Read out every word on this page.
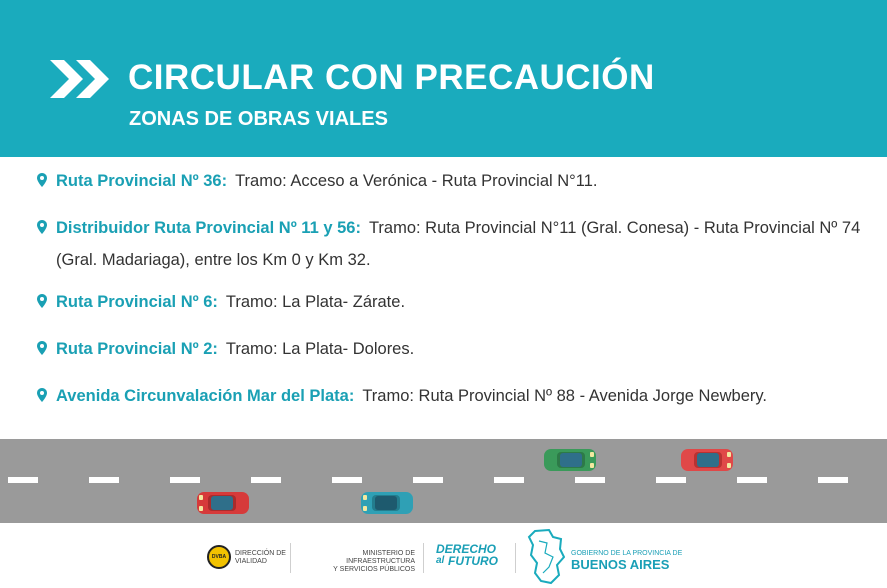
CIRCULAR CON PRECAUCIÓN
ZONAS DE OBRAS VIALES
Ruta Provincial Nº 36: Tramo: Acceso a Verónica - Ruta Provincial N°11.
Distribuidor Ruta Provincial Nº 11 y 56: Tramo: Ruta Provincial N°11 (Gral. Conesa) - Ruta Provincial Nº 74
(Gral. Madariaga), entre los Km 0 y Km 32.
Ruta Provincial Nº 6: Tramo: La Plata- Zárate.
Ruta Provincial Nº 2: Tramo: La Plata- Dolores.
Avenida Circunvalación Mar del Plata: Tramo: Ruta Provincial Nº 88 - Avenida Jorge Newbery.
DVBA	DIRECCIÓN DE
VIALIDAD
MINISTERIO DE INFRAESTRUCTURA
Y SERVICIOS PÚBLICOS
DERECHO
al FUTURO
GOBIERNO DE LA PROVINCIA DE
BUENOS AIRES
